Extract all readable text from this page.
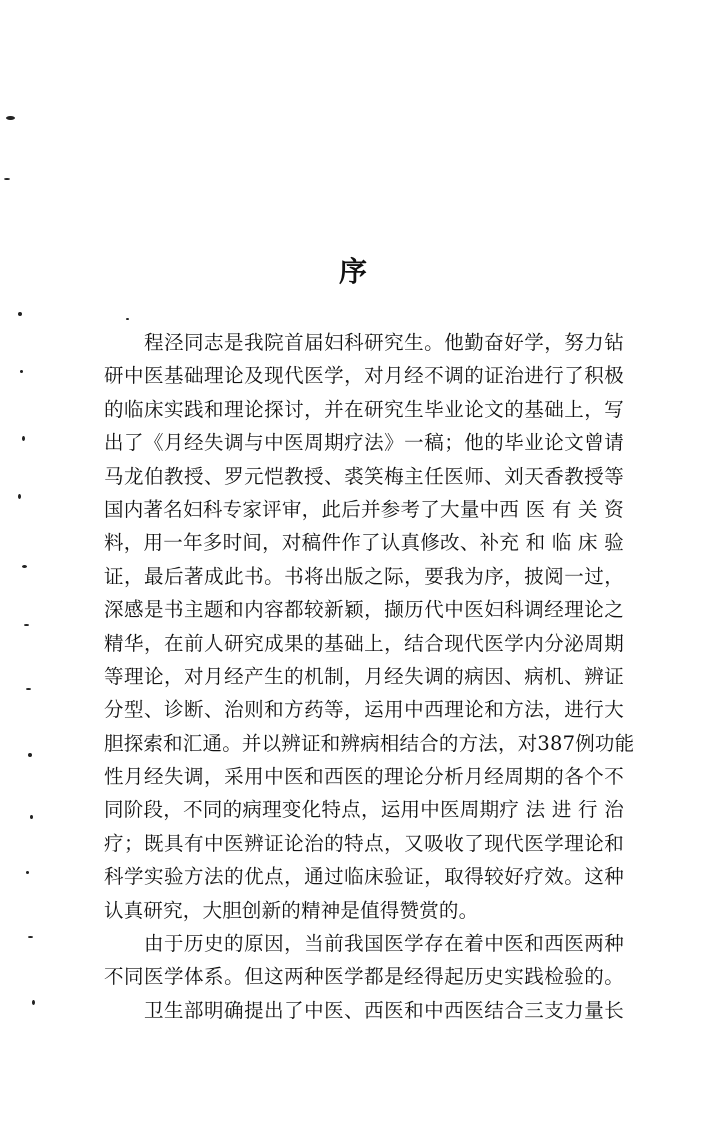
序
程泾同志是我院首届妇科研究生。他勤奋好学，努力钻
研中医基础理论及现代医学，对月经不调的证治进行了积极
的临床实践和理论探讨，并在研究生毕业论文的基础上，写
出了《月经失调与中医周期疗法》一稿；他的毕业论文曾请
马龙伯教授、罗元恺教授、裘笑梅主任医师、刘天香教授等
国内著名妇科专家评审，此后并参考了大量中西 医 有 关 资
料，用一年多时间，对稿件作了认真修改、补充 和 临 床 验
证，最后著成此书。书将出版之际，要我为序，披阅一过，
深感是书主题和内容都较新颖，撷历代中医妇科调经理论之
精华，在前人研究成果的基础上，结合现代医学内分泌周期
等理论，对月经产生的机制，月经失调的病因、病机、辨证
分型、诊断、治则和方药等，运用中西理论和方法，进行大
胆探索和汇通。并以辨证和辨病相结合的方法，对387例功能
性月经失调，采用中医和西医的理论分析月经周期的各个不
同阶段，不同的病理变化特点，运用中医周期疗 法 进 行 治
疗；既具有中医辨证论治的特点，又吸收了现代医学理论和
科学实验方法的优点，通过临床验证，取得较好疗效。这种
认真研究，大胆创新的精神是值得赞赏的。
由于历史的原因，当前我国医学存在着中医和西医两种
不同医学体系。但这两种医学都是经得起历史实践检验的。
卫生部明确提出了中医、西医和中西医结合三支力量长
